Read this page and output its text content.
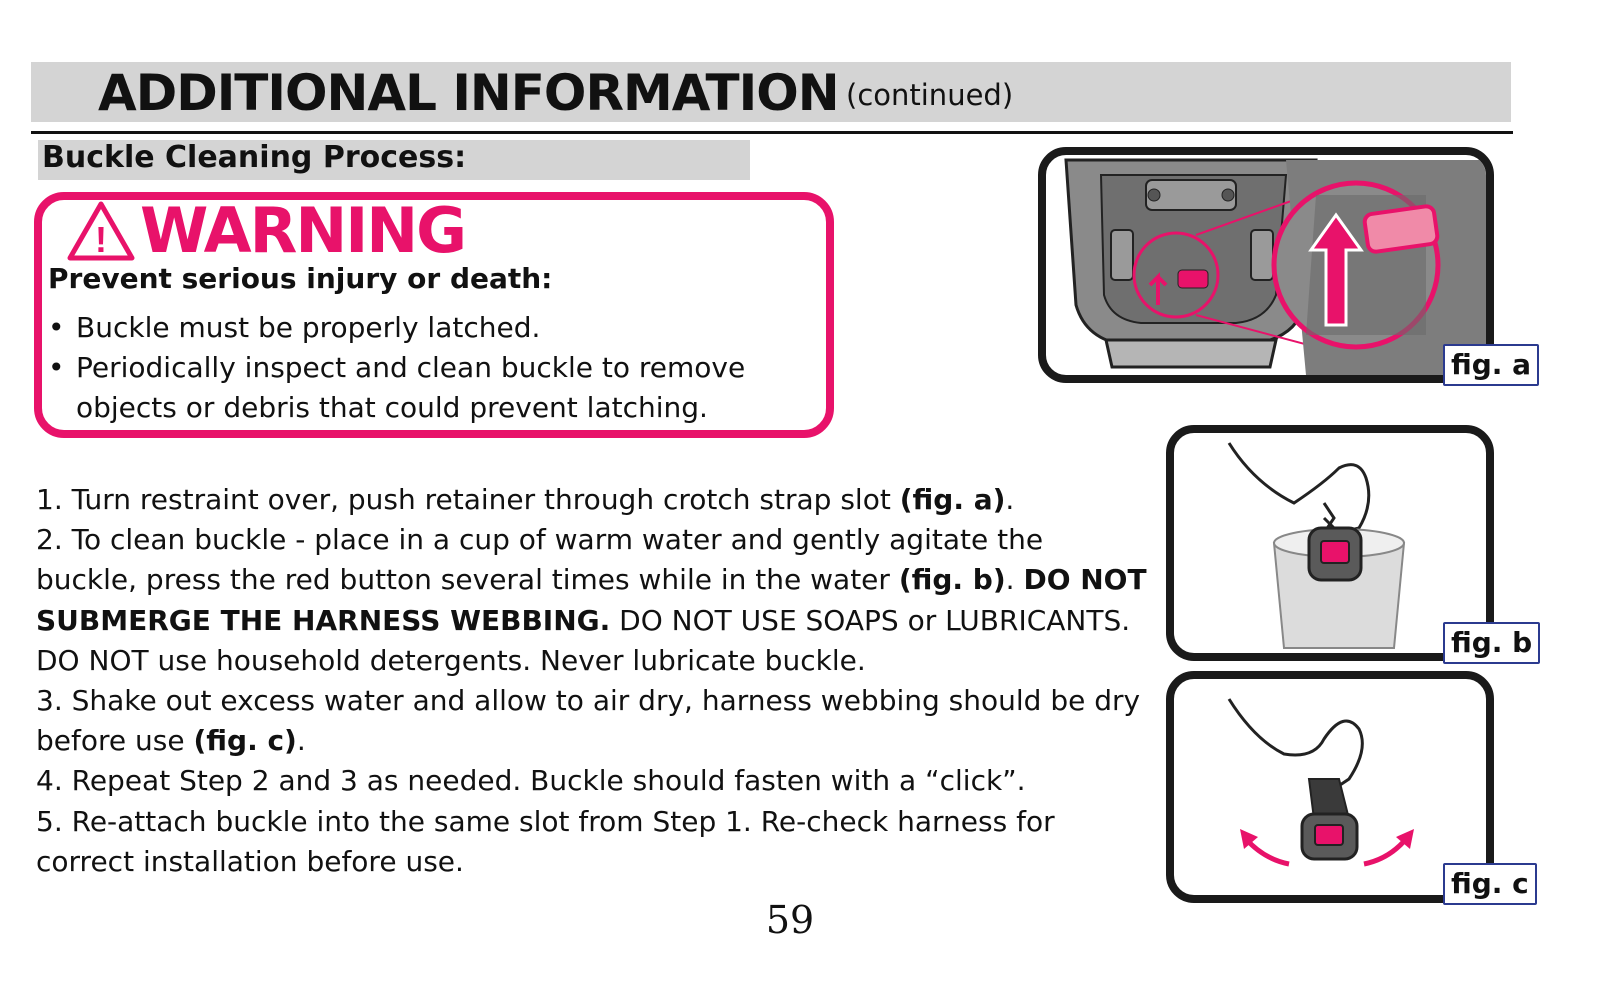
ADDITIONAL INFORMATION (continued)
Buckle Cleaning Process:
! WARNING
Prevent serious injury or death:
• Buckle must be properly latched.
• Periodically inspect and clean buckle to remove objects or debris that could prevent latching.

1. Turn restraint over, push retainer through crotch strap slot (fig. a).

2. To clean buckle - place in a cup of warm water and gently agitate the buckle, press the red button several times while in the water (fig. b). DO NOT SUBMERGE THE HARNESS WEBBING. DO NOT USE SOAPS or LUBRICANTS. DO NOT use household detergents. Never lubricate buckle.

3. Shake out excess water and allow to air dry, harness webbing should be dry before use (fig. c).

4. Repeat Step 2 and 3 as needed. Buckle should fasten with a “click”.

5. Re-attach buckle into the same slot from Step 1. Re-check harness for correct installation before use.

fig. a
fig. b
fig. c
59
